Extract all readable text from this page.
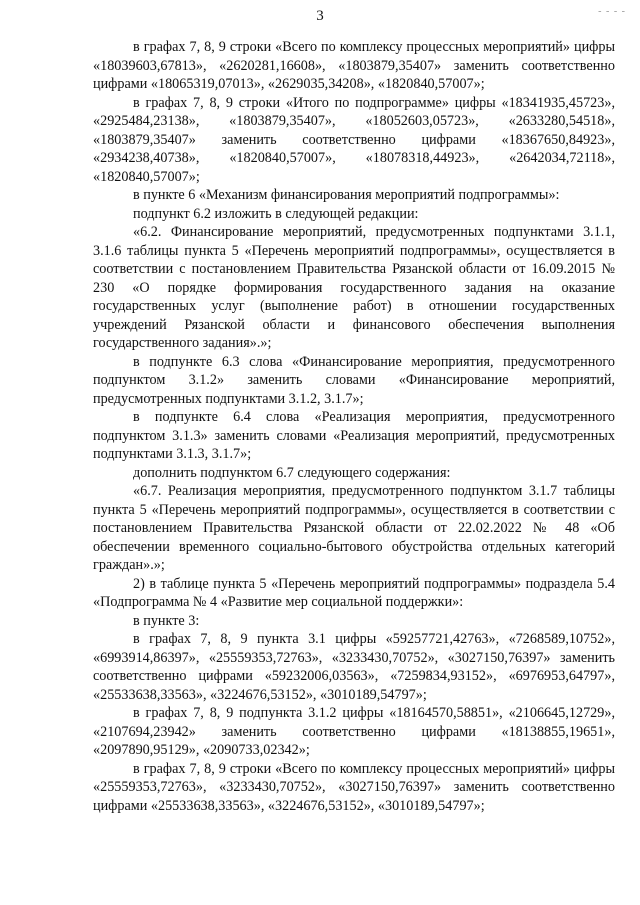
3	- - - -

в графах 7, 8, 9 строки «Всего по комплексу процессных мероприятий» цифры «18039603,67813», «2620281,16608», «1803879,35407» заменить соответственно цифрами «18065319,07013», «2629035,34208», «1820840,57007»;

в графах 7, 8, 9 строки «Итого по подпрограмме» цифры «18341935,45723», «2925484,23138», «1803879,35407», «18052603,05723», «2633280,54518», «1803879,35407» заменить соответственно цифрами «18367650,84923», «2934238,40738», «1820840,57007», «18078318,44923», «2642034,72118», «1820840,57007»;

в пункте 6 «Механизм финансирования мероприятий подпрограммы»:

подпункт 6.2 изложить в следующей редакции:

«6.2. Финансирование мероприятий, предусмотренных подпунктами 3.1.1, 3.1.6 таблицы пункта 5 «Перечень мероприятий подпрограммы», осуществляется в соответствии с постановлением Правительства Рязанской области от 16.09.2015 № 230 «О порядке формирования государственного задания на оказание государственных услуг (выполнение работ) в отношении государственных учреждений Рязанской области и финансового обеспечения выполнения государственного задания».»;

в подпункте 6.3 слова «Финансирование мероприятия, предусмотренного подпунктом 3.1.2» заменить словами «Финансирование мероприятий, предусмотренных подпунктами 3.1.2, 3.1.7»;

в подпункте 6.4 слова «Реализация мероприятия, предусмотренного подпунктом 3.1.3» заменить словами «Реализация мероприятий, предусмотренных подпунктами 3.1.3, 3.1.7»;

дополнить подпунктом 6.7 следующего содержания:

«6.7. Реализация мероприятия, предусмотренного подпунктом 3.1.7 таблицы пункта 5 «Перечень мероприятий подпрограммы», осуществляется в соответствии с постановлением Правительства Рязанской области от 22.02.2022 № 48 «Об обеспечении временного социально-бытового обустройства отдельных категорий граждан».»;

2) в таблице пункта 5 «Перечень мероприятий подпрограммы» подраздела 5.4 «Подпрограмма № 4 «Развитие мер социальной поддержки»:

в пункте 3:

в графах 7, 8, 9 пункта 3.1 цифры «59257721,42763», «7268589,10752», «6993914,86397», «25559353,72763», «3233430,70752», «3027150,76397» заменить соответственно цифрами «59232006,03563», «7259834,93152», «6976953,64797», «25533638,33563», «3224676,53152», «3010189,54797»;

в графах 7, 8, 9 подпункта 3.1.2 цифры «18164570,58851», «2106645,12729», «2107694,23942» заменить соответственно цифрами «18138855,19651», «2097890,95129», «2090733,02342»;

в графах 7, 8, 9 строки «Всего по комплексу процессных мероприятий» цифры «25559353,72763», «3233430,70752», «3027150,76397» заменить соответственно цифрами «25533638,33563», «3224676,53152», «3010189,54797»;
